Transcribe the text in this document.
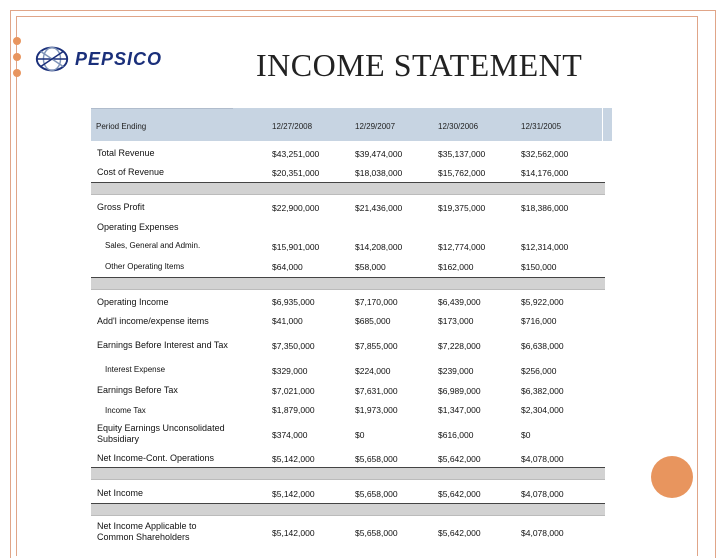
PEPSICO	INCOME STATEMENT
Period Ending	12/27/2008	12/29/2007	12/30/2006	12/31/2005
Total Revenue	$43,251,000	$39,474,000	$35,137,000	$32,562,000
Cost of Revenue	$20,351,000	$18,038,000	$15,762,000	$14,176,000
Gross Profit	$22,900,000	$21,436,000	$19,375,000	$18,386,000
Operating Expenses
Sales, General and Admin.	$15,901,000	$14,208,000	$12,774,000	$12,314,000
Other Operating Items	$64,000	$58,000	$162,000	$150,000
Operating Income	$6,935,000	$7,170,000	$6,439,000	$5,922,000
Add'l income/expense items	$41,000	$685,000	$173,000	$716,000
Earnings Before Interest and Tax	$7,350,000	$7,855,000	$7,228,000	$6,638,000
Interest Expense	$329,000	$224,000	$239,000	$256,000
Earnings Before Tax	$7,021,000	$7,631,000	$6,989,000	$6,382,000
Income Tax	$1,879,000	$1,973,000	$1,347,000	$2,304,000
Equity Earnings Unconsolidated Subsidiary	$374,000	$0	$616,000	$0
Net Income-Cont. Operations	$5,142,000	$5,658,000	$5,642,000	$4,078,000
Net Income	$5,142,000	$5,658,000	$5,642,000	$4,078,000
Net Income Applicable to Common Shareholders	$5,142,000	$5,658,000	$5,642,000	$4,078,000
